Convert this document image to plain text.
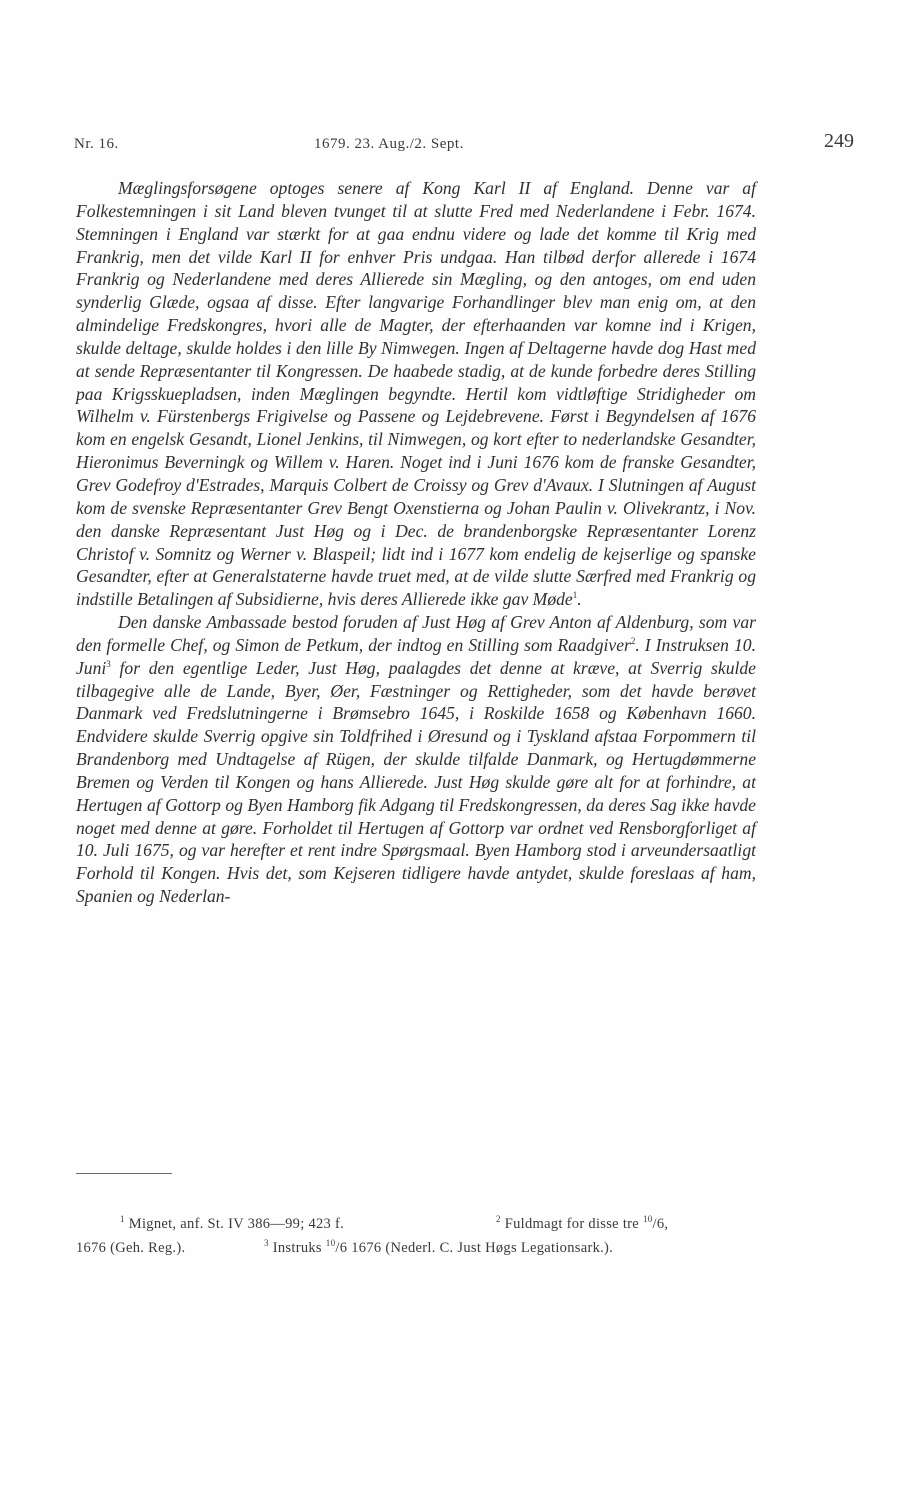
Nr. 16.	1679. 23. Aug./2. Sept.	249

Mæglingsforsøgene optoges senere af Kong Karl II af England. Denne var af Folkestemningen i sit Land bleven tvunget til at slutte Fred med Nederlandene i Febr. 1674. Stemningen i England var stærkt for at gaa endnu videre og lade det komme til Krig med Frankrig, men det vilde Karl II for enhver Pris undgaa. Han tilbød derfor allerede i 1674 Frankrig og Nederlandene med deres Allierede sin Mægling, og den antoges, om end uden synderlig Glæde, ogsaa af disse. Efter langvarige Forhandlinger blev man enig om, at den almindelige Fredskongres, hvori alle de Magter, der efterhaanden var komne ind i Krigen, skulde deltage, skulde holdes i den lille By Nimwegen. Ingen af Deltagerne havde dog Hast med at sende Repræsentanter til Kongressen. De haabede stadig, at de kunde forbedre deres Stilling paa Krigsskuepladsen, inden Mæglingen begyndte. Hertil kom vidtløftige Stridigheder om Wilhelm v. Fürstenbergs Frigivelse og Passene og Lejdebrevene. Først i Begyndelsen af 1676 kom en engelsk Gesandt, Lionel Jenkins, til Nimwegen, og kort efter to nederlandske Gesandter, Hieronimus Beverningk og Willem v. Haren. Noget ind i Juni 1676 kom de franske Gesandter, Grev Godefroy d'Estrades, Marquis Colbert de Croissy og Grev d'Avaux. I Slutningen af August kom de svenske Repræsentanter Grev Bengt Oxenstierna og Johan Paulin v. Olivekrantz, i Nov. den danske Repræsentant Just Høg og i Dec. de brandenborgske Repræsentanter Lorenz Christof v. Somnitz og Werner v. Blaspeil; lidt ind i 1677 kom endelig de kejserlige og spanske Gesandter, efter at Generalstaterne havde truet med, at de vilde slutte Særfred med Frankrig og indstille Betalingen af Subsidierne, hvis deres Allierede ikke gav Møde$^1$.

Den danske Ambassade bestod foruden af Just Høg af Grev Anton af Aldenburg, som var den formelle Chef, og Simon de Petkum, der indtog en Stilling som Raadgiver$^2$. I Instruksen 10. Juni$^3$ for den egentlige Leder, Just Høg, paalagdes det denne at kræve, at Sverrig skulde tilbagegive alle de Lande, Byer, Øer, Fæstninger og Rettigheder, som det havde berøvet Danmark ved Fredslutningerne i Brømsebro 1645, i Roskilde 1658 og København 1660. Endvidere skulde Sverrig opgive sin Toldfrihed i Øresund og i Tyskland afstaa Forpommern til Brandenborg med Undtagelse af Rügen, der skulde tilfalde Danmark, og Hertugdømmerne Bremen og Verden til Kongen og hans Allierede. Just Høg skulde gøre alt for at forhindre, at Hertugen af Gottorp og Byen Hamborg fik Adgang til Fredskongressen, da deres Sag ikke havde noget med denne at gøre. Forholdet til Hertugen af Gottorp var ordnet ved Rensborgforliget af 10. Juli 1675, og var herefter et rent indre Spørgsmaal. Byen Hamborg stod i arveundersaatligt Forhold til Kongen. Hvis det, som Kejseren tidligere havde antydet, skulde foreslaas af ham, Spanien og Nederlan-

$^1$ Mignet, anf. St. IV 386—99; 423 f.	$^2$ Fuldmagt for disse tre $^{10}$/6,
1676 (Geh. Reg.).	$^3$ Instruks $^{10}$/6 1676 (Nederl. C. Just Høgs Legationsark.).
